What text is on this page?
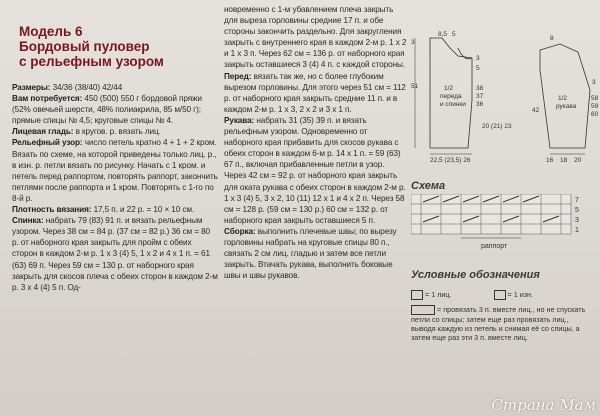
Модель 6
Бордовый пуловер
с рельефным узором

Размеры: 34/36 (38/40) 42/44

Вам потребуется: 450 (500) 550 г бордовой пряжи (52% овечьей шерсти, 48% полиакрила, 85 м/50 г); прямые спицы № 4,5; круговые спицы № 4.

Лицевая гладь: в кругов. р. вязать лиц.

Рельефный узор: число петель кратно 4 + 1 + 2 кром. Вязать по схеме, на которой приведены только лиц. р., в изн. р. петли вязать по рисунку. Начать с 1 кром. и петель перед раппортом, повторять раппорт, закончить петлями после раппорта и 1 кром. Повторять с 1-го по 8-й р.

Плотность вязания: 17,5 п. и 22 р. = 10 × 10 см.

Спинка: набрать 79 (83) 91 п. и вязать рельефным узором. Через 38 см = 84 р. (37 см = 82 р.) 36 см = 80 р. от наборного края закрыть для пройм с обеих сторон в каждом 2-м р. 1 х 3 (4) 5, 1 х 2 и 4 х 1 п. = 61 (63) 69 п. Через 59 см = 130 р. от наборного края закрыть для скосов плеча с обеих сторон в каждом 2-м р. 3 х 4 (4) 5 п. Од-

новременно с 1-м убавлением плеча закрыть для выреза горловины средние 17 п. и обе стороны закончить раздельно. Для закругления закрыть с внутреннего края в каждом 2-м р. 1 х 2 и 1 х 3 п. Через 62 см = 136 р. от наборного края закрыть оставшиеся 3 (4) 4 п. с каждой стороны.

Перед: вязать так же, но с более глубоким вырезом горловины. Для этого через 51 см = 112 р. от наборного края закрыть средние 11 п. и в каждом 2-м р. 1 х 3, 2 х 2 и 3 х 1 п.

Рукава: набрать 31 (35) 39 п. и вязать рельефным узором. Одновременно от наборного края прибавить для скосов рукава с обеих сторон в каждом 6-м р. 14 х 1 п. = 59 (63) 67 п., включая прибавленные петли в узор. Через 42 см = 92 р. от наборного края закрыть для оката рукава с обеих сторон в каждом 2-м р. 1 х 3 (4) 5, 3 х 2, 10 (11) 12 х 1 и 4 х 2 п. Через 58 см = 128 р. (59 см = 130 р.) 60 см = 132 р. от наборного края закрыть оставшиеся 5 п.

Сборка: выполнить плечевые швы; по вырезу горловины набрать на круговые спицы 80 п., связать 2 см лиц. гладью и затем все петли закрыть. Втачать рукава, выполнить боковые швы и швы рукавов.

8,5 5
3
51
3
5
38
37
36
1/2
переда
и спинки
22,5 (23,5) 26
20 (21) 23
8
42
1/2
рукава
58
59
60
16 18 20
3
Схема
7
5
3
1
раппорт
Условные обозначения
= 1 лиц.	= 1 изн.
= провязать 3 п. вместе лиц., но не спускать петли со спицы; затем еще раз провязать лиц., выводя каждую из петель и снимая её со спицы, а затем еще раз эти 3 п. вместе лиц.
Страна Мам
